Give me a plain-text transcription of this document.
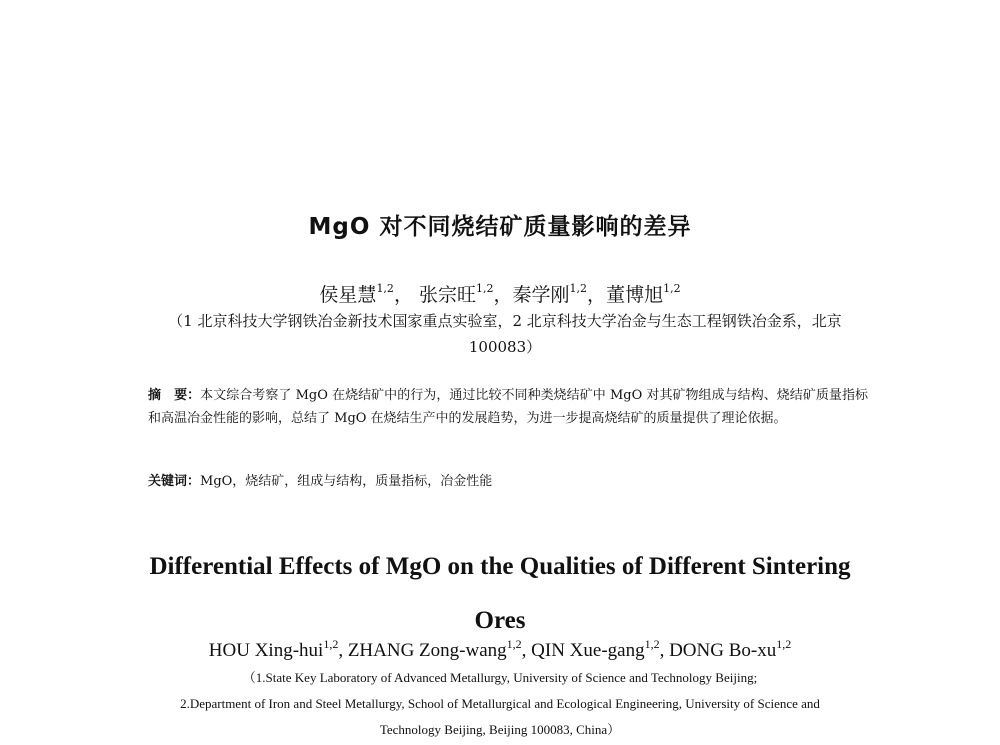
MgO 对不同烧结矿质量影响的差异
侯星慧$^{1,2}$， 张宗旺$^{1,2}$，秦学刚$^{1,2}$，董博旭$^{1,2}$
（1 北京科技大学钢铁冶金新技术国家重点实验室，2 北京科技大学冶金与生态工程钢铁冶金系，北京 100083）
摘　要：本文综合考察了 MgO 在烧结矿中的行为，通过比较不同种类烧结矿中 MgO 对其矿物组成与结构、烧结矿质量指标和高温冶金性能的影响，总结了 MgO 在烧结生产中的发展趋势，为进一步提高烧结矿的质量提供了理论依据。
关键词：MgO，烧结矿，组成与结构，质量指标，冶金性能
Differential Effects of MgO on the Qualities of Different Sintering Ores
HOU Xing-hui$^{1,2}$, ZHANG Zong-wang$^{1,2}$, QIN Xue-gang$^{1,2}$, DONG Bo-xu$^{1,2}$
（1.State Key Laboratory of Advanced Metallurgy, University of Science and Technology Beijing;
2.Department of Iron and Steel Metallurgy, School of Metallurgical and Ecological Engineering, University of Science and Technology Beijing, Beijing 100083, China）
